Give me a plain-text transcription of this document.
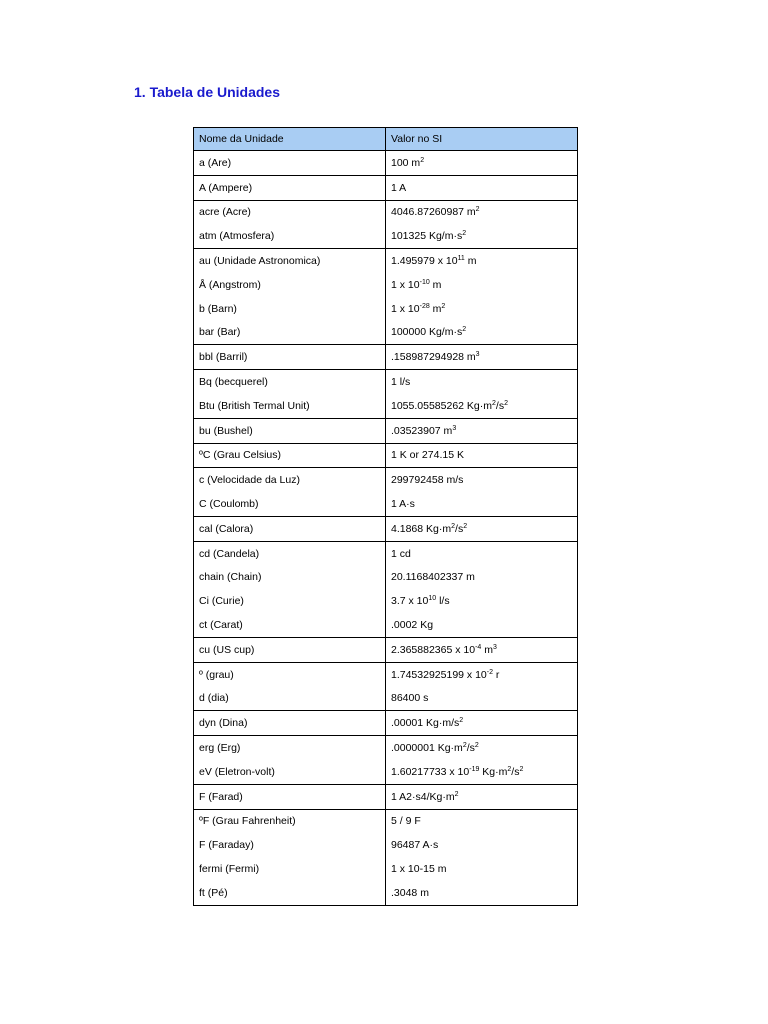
1. Tabela de Unidades
Nome da Unidade	Valor no SI
a (Are)	100 $m^2$
A (Ampere)	1 A
acre (Acre)	4046.87260987 $m^2$
atm (Atmosfera)	101325 $Kg/m\cdot s^2$
au (Unidade Astronomica)	1.495979 x $10^{11}$ m
Å (Angstrom)	1 x $10^{-10}$ m
b (Barn)	1 x $10^{-28}$ $m^2$
bar (Bar)	100000 $Kg/m\cdot s^2$
bbl (Barril)	.158987294928 $m^3$
Bq (becquerel)	1 l/s
Btu (British Termal Unit)	1055.05585262 $Kg\cdot m^2/s^2$
bu (Bushel)	.03523907 $m^3$
ºC (Grau Celsius)	1 K or 274.15 K
c (Velocidade da Luz)	299792458 m/s
C (Coulomb)	1 A·s
cal (Calora)	4.1868 $Kg\cdot m^2/s^2$
cd (Candela)	1 cd
chain (Chain)	20.1168402337 m
Ci (Curie)	3.7 x $10^{10}$ l/s
ct (Carat)	.0002 Kg
cu (US cup)	2.365882365 x $10^{-4}$ $m^3$
º (grau)	1.74532925199 x $10^{-2}$ r
d (dia)	86400 s
dyn (Dina)	.00001 $Kg\cdot m/s^2$
erg (Erg)	.0000001 $Kg\cdot m^2/s^2$
eV (Eletron-volt)	1.60217733 x $10^{-19}$ $Kg\cdot m^2/s^2$
F (Farad)	1 $A2\cdot s4/Kg\cdot m^2$
ºF (Grau Fahrenheit)	5 / 9 F
F (Faraday)	96487 A·s
fermi (Fermi)	1 x 10-15 m
ft (Pé)	.3048 m
